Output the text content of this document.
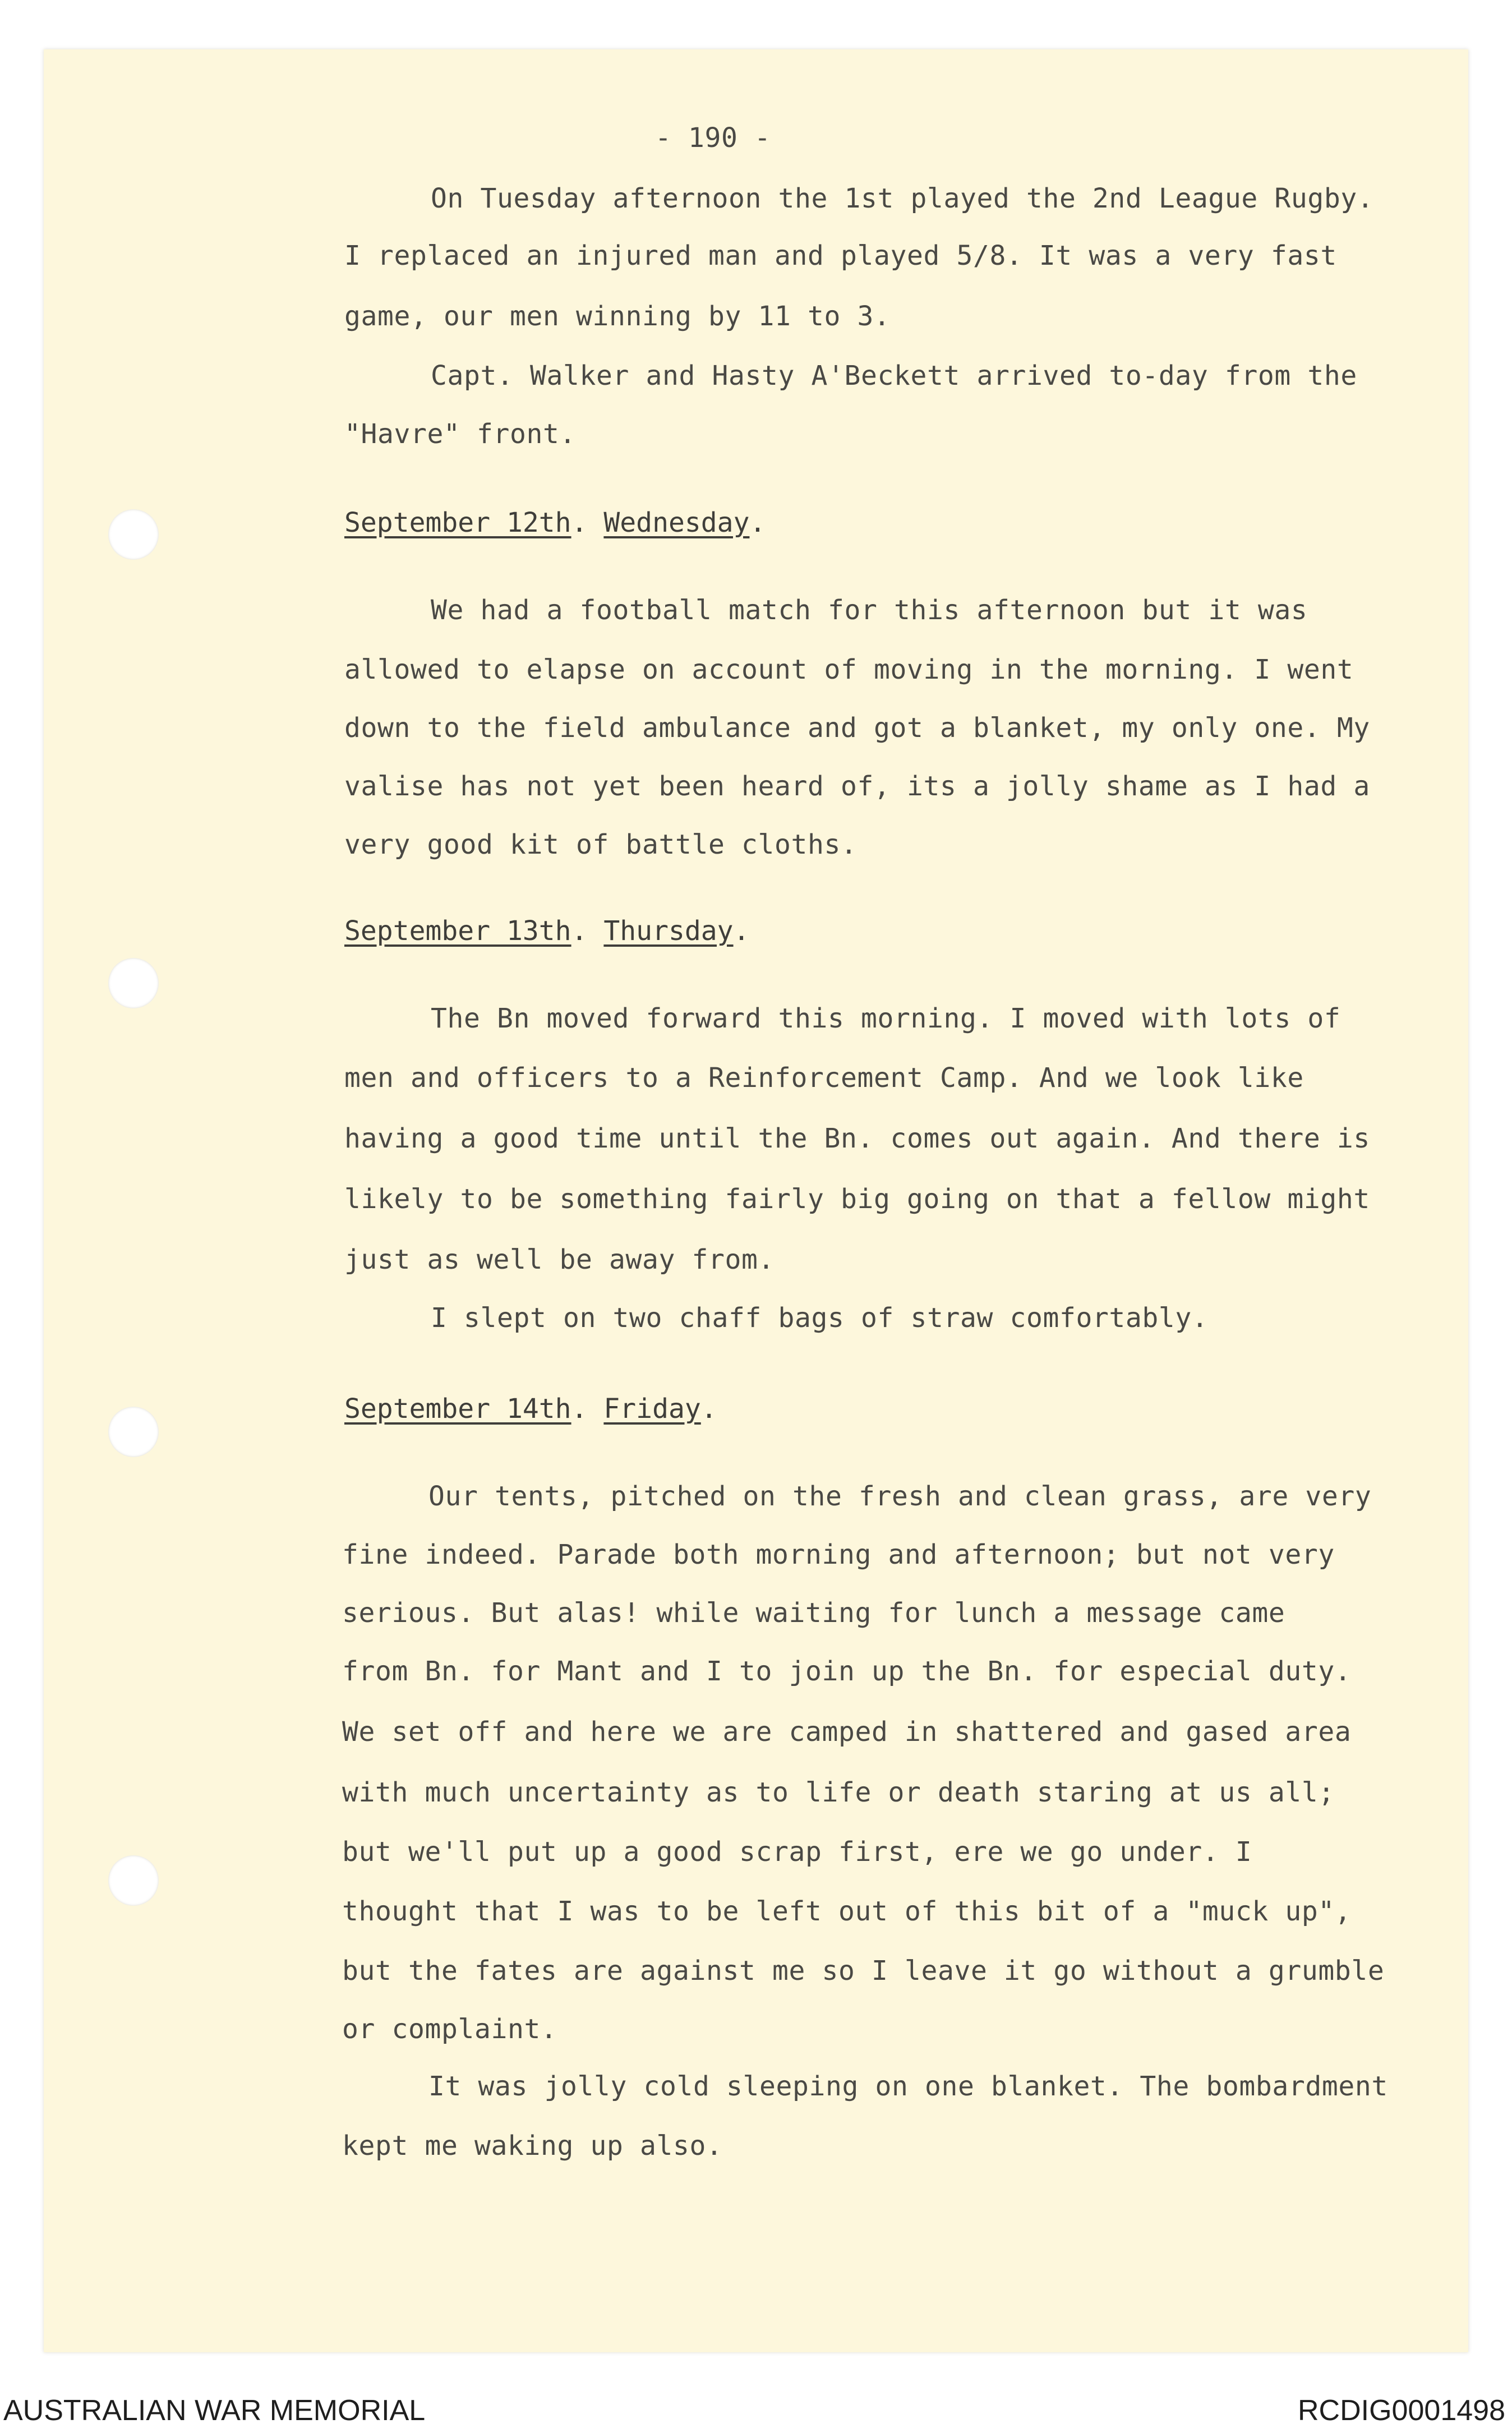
- 190 -

On Tuesday afternoon the 1st played the 2nd League Rugby.

I replaced an injured man and played 5/8. It was a very fast

game, our men winning by 11 to 3.

Capt. Walker and Hasty A'Beckett arrived to-day from the

"Havre" front.

September 12th. Wednesday.

We had a football match for this afternoon but it was

allowed to elapse on account of moving in the morning. I went

down to the field ambulance and got a blanket, my only one. My

valise has not yet been heard of, its a jolly shame as I had a

very good kit of battle cloths.

September 13th. Thursday.

The Bn moved forward this morning. I moved with lots of

men and officers to a Reinforcement Camp. And we look like

having a good time until the Bn. comes out again. And there is

likely to be something fairly big going on that a fellow might

just as well be away from.

I slept on two chaff bags of straw comfortably.

September 14th. Friday.

Our tents, pitched on the fresh and clean grass, are very

fine indeed. Parade both morning and afternoon; but not very

serious. But alas! while waiting for lunch a message came

from Bn. for Mant and I to join up the Bn. for especial duty.

We set off and here we are camped in shattered and gased area

with much uncertainty as to life or death staring at us all;

but we'll put up a good scrap first, ere we go under. I

thought that I was to be left out of this bit of a "muck up",

but the fates are against me so I leave it go without a grumble

or complaint.

It was jolly cold sleeping on one blanket. The bombardment

kept me waking up also.

AUSTRALIAN WAR MEMORIAL	RCDIG0001498
